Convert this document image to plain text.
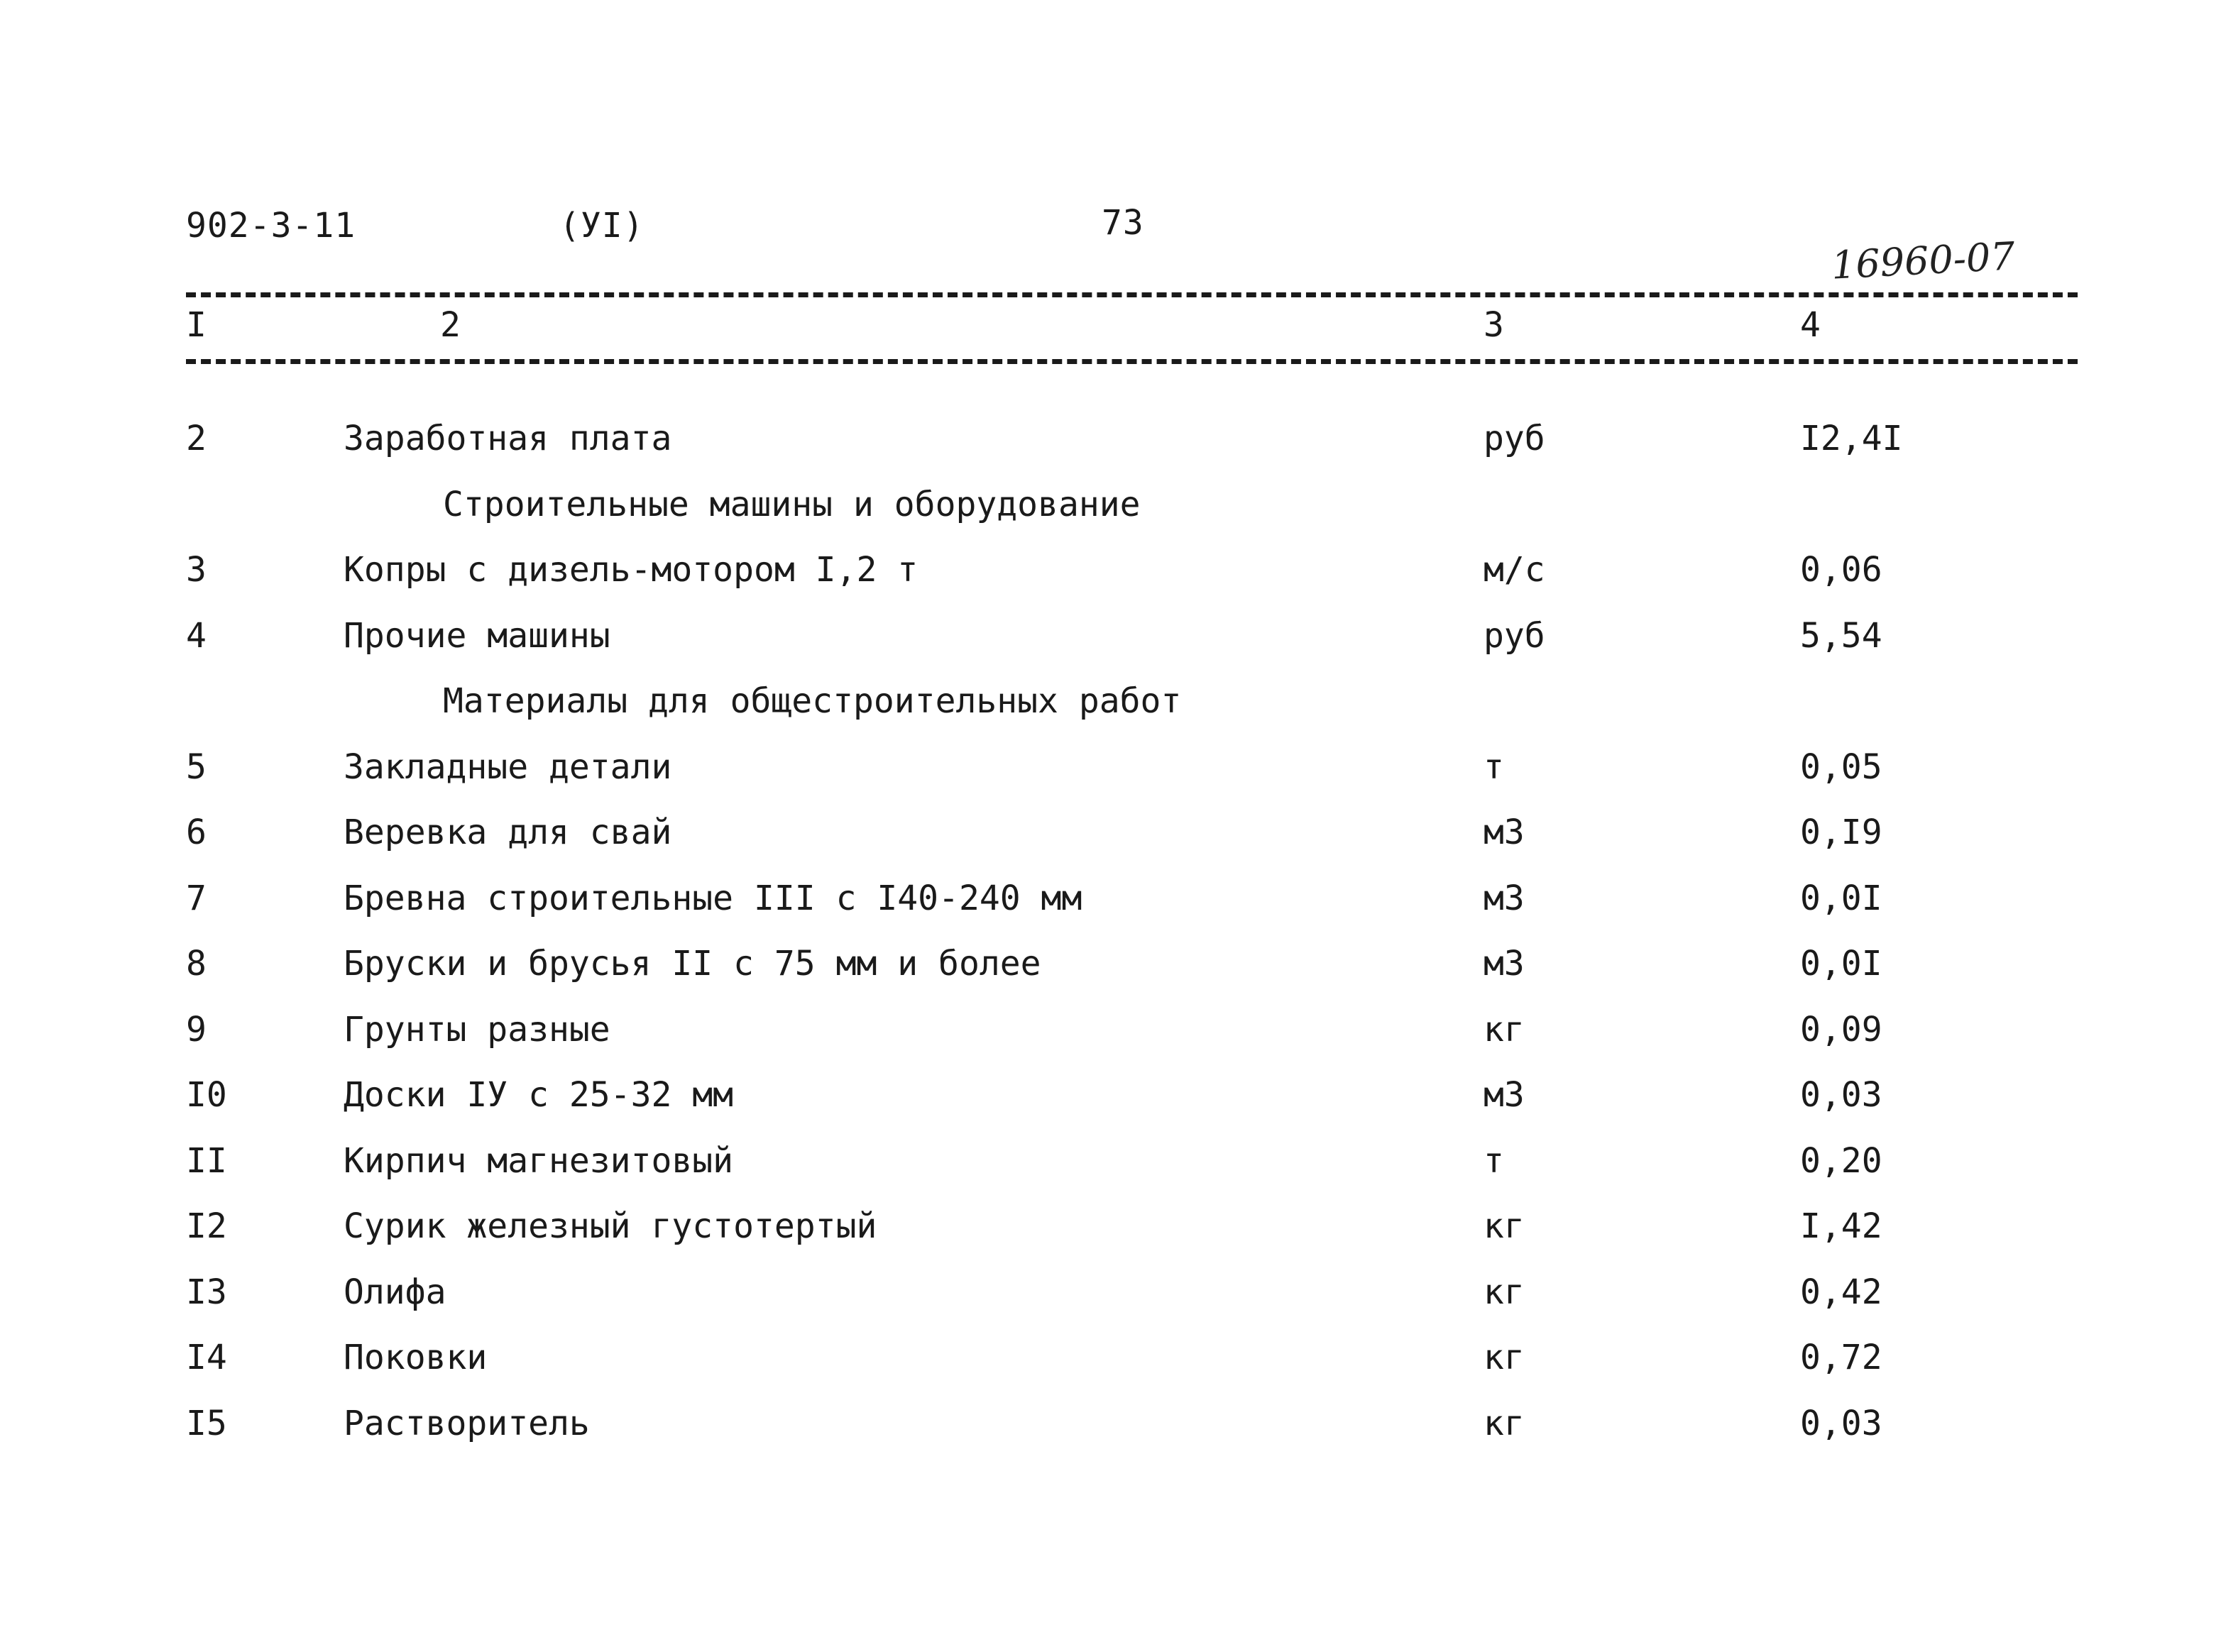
902-3-11	(УI)	73
16960-07
I	2	3	4
2	Заработная плата	руб	I2,4I
Строительные машины и оборудование
3	Копры с дизель-мотором I,2 т	м/с	0,06
4	Прочие машины	руб	5,54
Материалы для общестроительных работ
5	Закладные детали	т	0,05
6	Веревка для свай	м3	0,I9
7	Бревна строительные III с I40-240 мм	м3	0,0I
8	Бруски и брусья II с 75 мм и более	м3	0,0I
9	Грунты разные	кг	0,09
I0	Доски IУ с 25-32 мм	м3	0,03
II	Кирпич магнезитовый	т	0,20
I2	Сурик железный густотертый	кг	I,42
I3	Олифа	кг	0,42
I4	Поковки	кг	0,72
I5	Растворитель	кг	0,03
